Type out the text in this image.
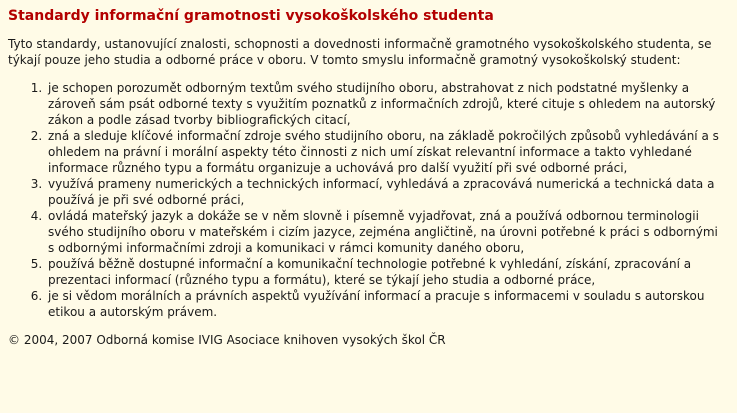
Standardy informační gramotnosti vysokoškolského studenta

Tyto standardy, ustanovující znalosti, schopnosti a dovednosti informačně gramotného vysokoškolského studenta, se týkají pouze jeho studia a odborné práce v oboru. V tomto smyslu informačně gramotný vysokoškolský student:

1. je schopen porozumět odborným textům svého studijního oboru, abstrahovat z nich podstatné myšlenky a zároveň sám psát odborné texty s využitím poznatků z informačních zdrojů, které cituje s ohledem na autorský zákon a podle zásad tvorby bibliografických citací,
2. zná a sleduje klíčové informační zdroje svého studijního oboru, na základě pokročilých způsobů vyhledávání a s ohledem na právní i morální aspekty této činnosti z nich umí získat relevantní informace a takto vyhledané informace různého typu a formátu organizuje a uchovává pro další využití při své odborné práci,
3. využívá prameny numerických a technických informací, vyhledává a zpracovává numerická a technická data a používá je při své odborné práci,
4. ovládá mateřský jazyk a dokáže se v něm slovně i písemně vyjadřovat, zná a používá odbornou terminologii svého studijního oboru v mateřském i cizím jazyce, zejména angličtině, na úrovni potřebné k práci s odbornými s odbornými informačními zdroji a komunikaci v rámci komunity daného oboru,
5. používá běžně dostupné informační a komunikační technologie potřebné k vyhledání, získání, zpracování a prezentaci informací (různého typu a formátu), které se týkají jeho studia a odborné práce,
6. je si vědom morálních a právních aspektů využívání informací a pracuje s informacemi v souladu s autorskou etikou a autorským právem.

© 2004, 2007 Odborná komise IVIG Asociace knihoven vysokých škol ČR
